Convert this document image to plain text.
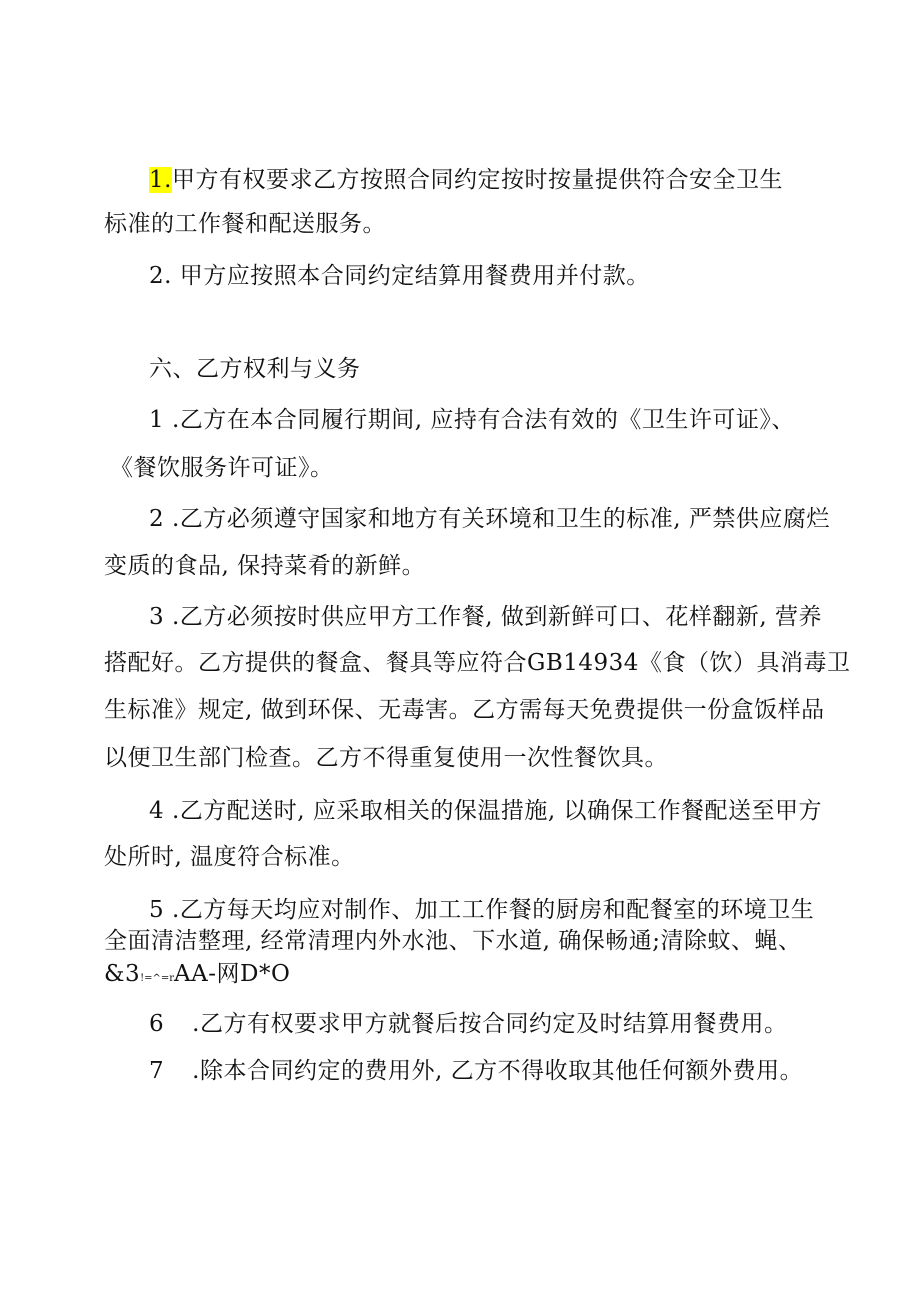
1.甲方有权要求乙方按照合同约定按时按量提供符合安全卫生
标准的工作餐和配送服务。
2. 甲方应按照本合同约定结算用餐费用并付款。
六、乙方权利与义务
1 .乙方在本合同履行期间, 应持有合法有效的《卫生许可证》、
《餐饮服务许可证》。
2 .乙方必须遵守国家和地方有关环境和卫生的标准, 严禁供应腐烂
变质的食品, 保持菜肴的新鲜。
3 .乙方必须按时供应甲方工作餐, 做到新鲜可口、花样翻新, 营养
搭配好。乙方提供的餐盒、餐具等应符合GB14934《食（饮）具消毒卫
生标准》规定, 做到环保、无毒害。乙方需每天免费提供一份盒饭样品
以便卫生部门检查。乙方不得重复使用一次性餐饮具。
4 .乙方配送时, 应采取相关的保温措施, 以确保工作餐配送至甲方
处所时, 温度符合标准。
5 .乙方每天均应对制作、加工工作餐的厨房和配餐室的环境卫生
全面清洁整理, 经常清理内外水池、下水道, 确保畅通;清除蚊、蝇、
&3!=^=rAA-网D*O
6 .乙方有权要求甲方就餐后按合同约定及时结算用餐费用。
7 .除本合同约定的费用外, 乙方不得收取其他任何额外费用。
